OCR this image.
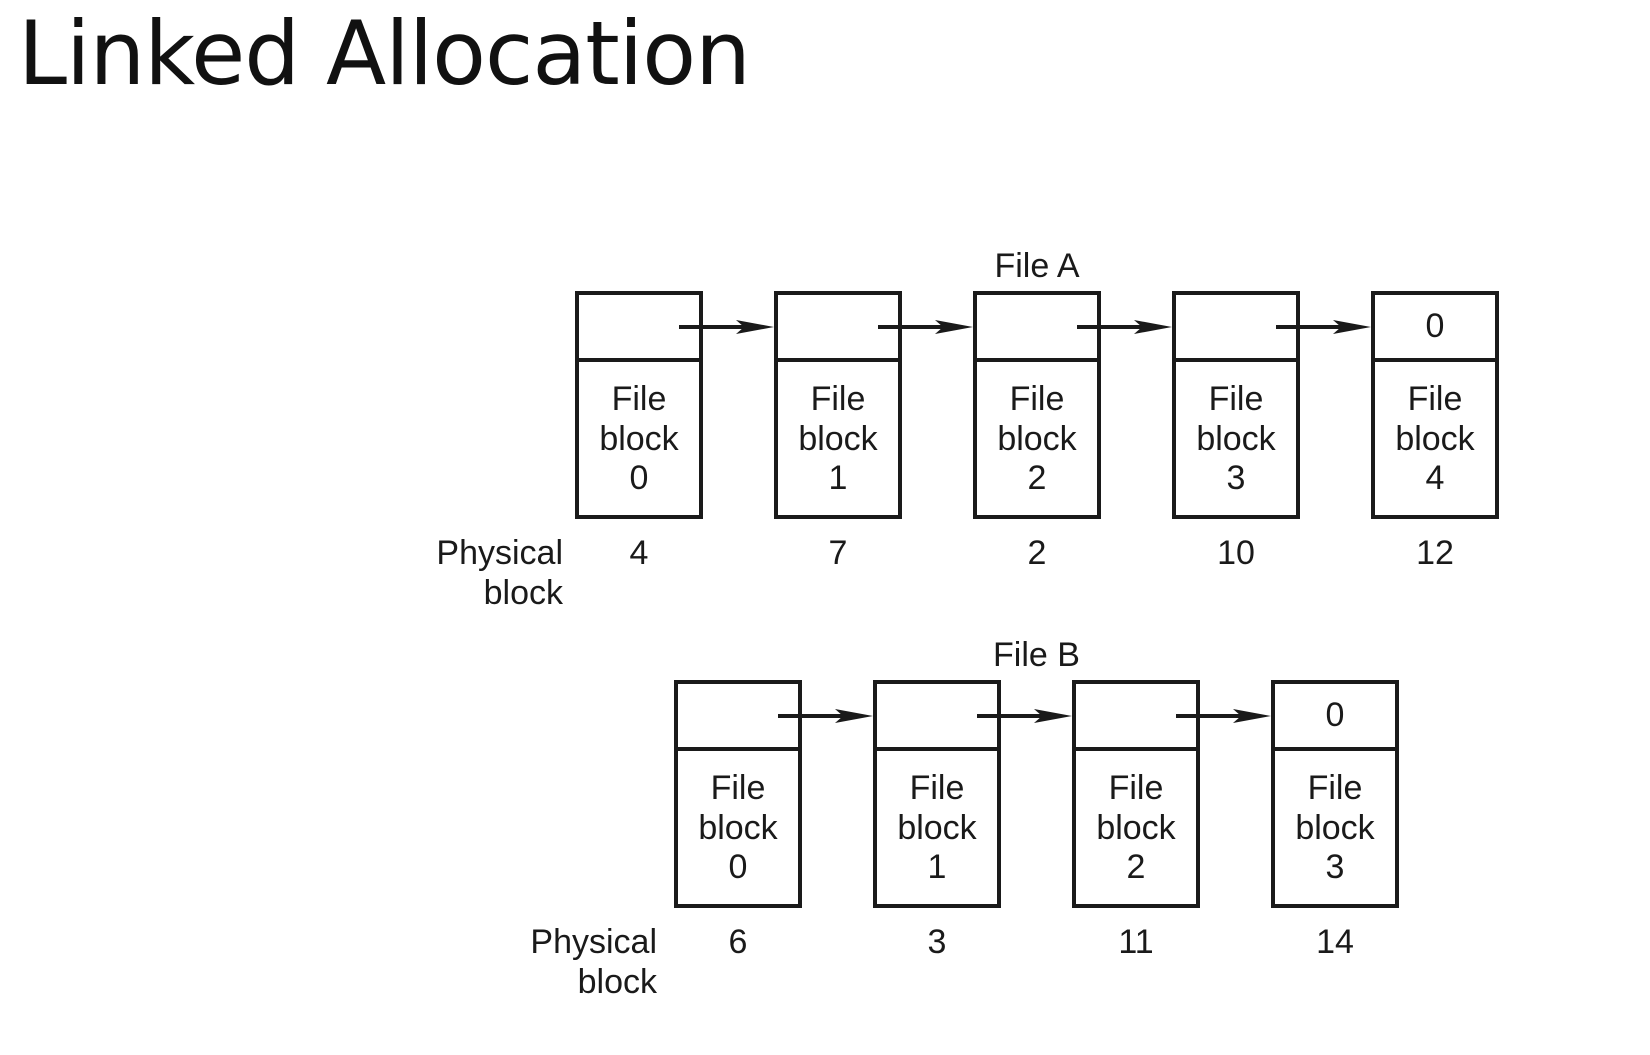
Linked Allocation
File A
File
block
0
4
File
block
1
7
File
block
2
2
File
block
3
10
0
File
block
4
12
Physical
block
File B
File
block
0
6
File
block
1
3
File
block
2
11
0
File
block
3
14
Physical
block
